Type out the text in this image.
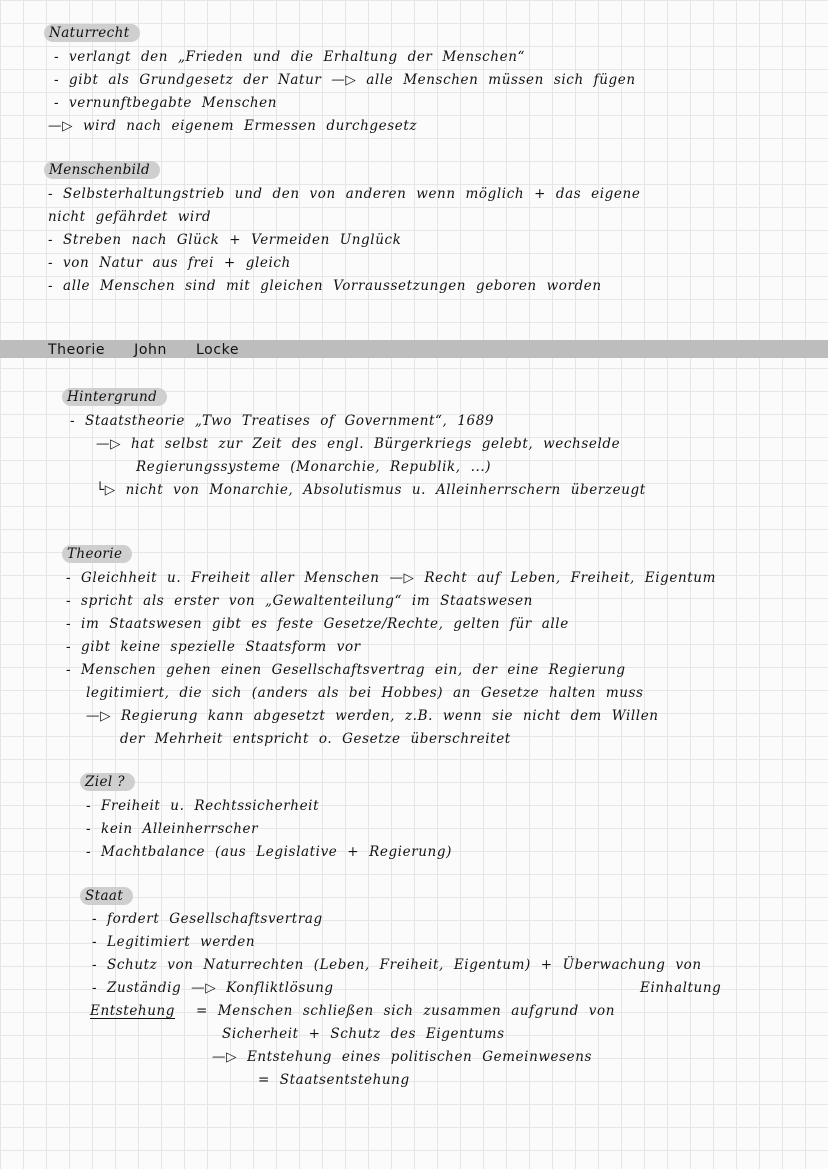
Naturrecht
- verlangt den „Frieden und die Erhaltung der Menschen“
- gibt als Grundgesetz der Natur —▷ alle Menschen müssen sich fügen
- vernunftbegabte Menschen
—▷ wird nach eigenem Ermessen durchgesetz
Menschenbild
- Selbsterhaltungstrieb und den von anderen wenn möglich + das eigene
nicht gefährdet wird
- Streben nach Glück + Vermeiden Unglück
- von Natur aus frei + gleich
- alle Menschen sind mit gleichen Vorraussetzungen geboren worden
Theorie John Locke
Hintergrund
- Staatstheorie „Two Treatises of Government“, 1689
—▷ hat selbst zur Zeit des engl. Bürgerkriegs gelebt, wechselde
Regierungssysteme (Monarchie, Republik, ...)
└▷ nicht von Monarchie, Absolutismus u. Alleinherrschern überzeugt
Theorie
- Gleichheit u. Freiheit aller Menschen —▷ Recht auf Leben, Freiheit, Eigentum
- spricht als erster von „Gewaltenteilung“ im Staatswesen
- im Staatswesen gibt es feste Gesetze/Rechte, gelten für alle
- gibt keine spezielle Staatsform vor
- Menschen gehen einen Gesellschaftsvertrag ein, der eine Regierung
legitimiert, die sich (anders als bei Hobbes) an Gesetze halten muss
—▷ Regierung kann abgesetzt werden, z.B. wenn sie nicht dem Willen
der Mehrheit entspricht o. Gesetze überschreitet
Ziel ?
- Freiheit u. Rechtssicherheit
- kein Alleinherrscher
- Machtbalance (aus Legislative + Regierung)
Staat
- fordert Gesellschaftsvertrag
- Legitimiert werden
- Schutz von Naturrechten (Leben, Freiheit, Eigentum) + Überwachung von
- Zuständig —▷ Konfliktlösung	Einhaltung
Entstehung = Menschen schließen sich zusammen aufgrund von
Sicherheit + Schutz des Eigentums
—▷ Entstehung eines politischen Gemeinwesens
= Staatsentstehung
